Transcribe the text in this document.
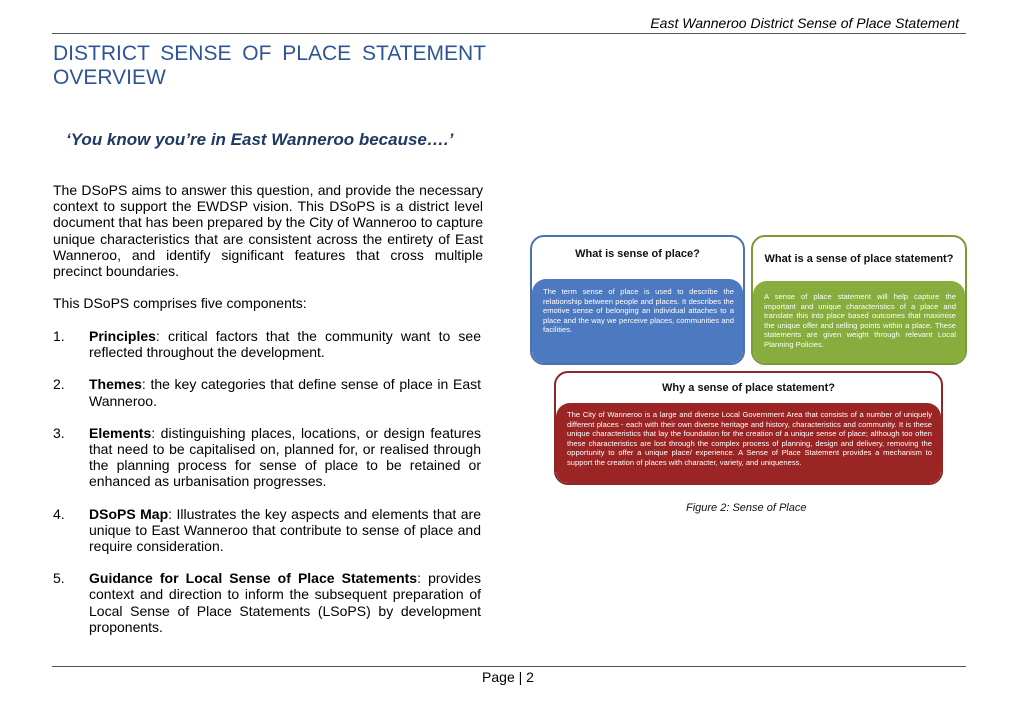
East Wanneroo District Sense of Place Statement
DISTRICT SENSE OF PLACE STATEMENT
OVERVIEW

‘You know you’re in East Wanneroo because….’

The DSoPS aims to answer this question, and provide the necessary context to support the EWDSP vision. This DSoPS is a district level document that has been prepared by the City of Wanneroo to capture unique characteristics that are consistent across the entirety of East Wanneroo, and identify significant features that cross multiple precinct boundaries.

This DSoPS comprises five components:

1. Principles: critical factors that the community want to see reflected throughout the development.
2. Themes: the key categories that define sense of place in East Wanneroo.
3. Elements: distinguishing places, locations, or design features that need to be capitalised on, planned for, or realised through the planning process for sense of place to be retained or enhanced as urbanisation progresses.
4. DSoPS Map: Illustrates the key aspects and elements that are unique to East Wanneroo that contribute to sense of place and require consideration.
5. Guidance for Local Sense of Place Statements: provides context and direction to inform the subsequent preparation of Local Sense of Place Statements (LSoPS) by development proponents.
What is sense of place?
The term sense of place is used to describe the relationship between people and places. It describes the emotive sense of belonging an individual attaches to a place and the way we perceive places, communities and facilities.
What is a sense of place statement?
A sense of place statement will help capture the important and unique characteristics of a place and translate this into place based outcomes that maximise the unique offer and selling points within a place. These statements are given weight through relevant Local Planning Policies.
Why a sense of place statement?
The City of Wanneroo is a large and diverse Local Government Area that consists of a number of uniquely different places - each with their own diverse heritage and history, characteristics and community. It is these unique characteristics that lay the foundation for the creation of a unique sense of place; although too often these characteristics are lost through the complex process of planning, design and delivery, removing the opportunity to offer a unique place/ experience. A Sense of Place Statement provides a mechanism to support the creation of places with character, variety, and uniqueness.

Figure 2: Sense of Place

Page | 2
